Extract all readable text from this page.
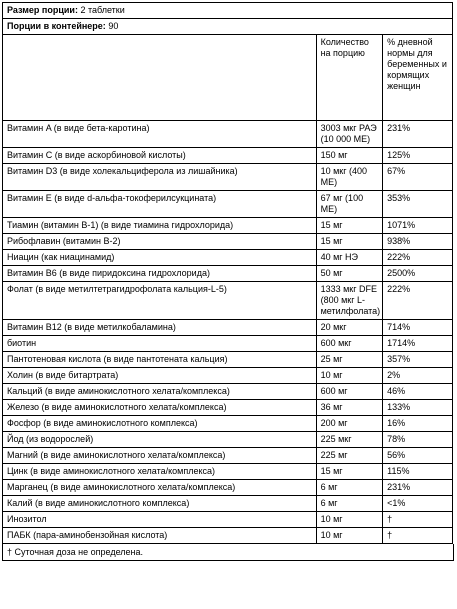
Размер порции: 2 таблетки		
Порции в контейнере: 90		
	Количество на порцию	% дневной нормы для беременных и кормящих женщин
Витамин A (в виде бета-каротина)	3003 мкг РАЭ (10 000 МЕ)	231%
Витамин C (в виде аскорбиновой кислоты)	150 мг	125%
Витамин D3 (в виде холекальциферола из лишайника)	10 мкг (400 МЕ)	67%
Витамин E (в виде d-альфа-токоферилсукцината)	67 мг (100 МЕ)	353%
Тиамин (витамин B-1) (в виде тиамина гидрохлорида)	15 мг	1071%
Рибофлавин (витамин B-2)	15 мг	938%
Ниацин (как ниацинамид)	40 мг НЭ	222%
Витамин B6 (в виде пиридоксина гидрохлорида)	50 мг	2500%
Фолат (в виде метилтетрагидрофолата кальция-L-5)	1333 мкг DFE (800 мкг L-метилфолата)	222%
Витамин B12 (в виде метилкобаламина)	20 мкг	714%
биотин	600 мкг	1714%
Пантотеновая кислота (в виде пантотената кальция)	25 мг	357%
Холин (в виде битартрата)	10 мг	2%
Кальций (в виде аминокислотного хелата/комплекса)	600 мг	46%
Железо (в виде аминокислотного хелата/комплекса)	36 мг	133%
Фосфор (в виде аминокислотного комплекса)	200 мг	16%
Йод (из водорослей)	225 мкг	78%
Магний (в виде аминокислотного хелата/комплекса)	225 мг	56%
Цинк (в виде аминокислотного хелата/комплекса)	15 мг	115%
Марганец (в виде аминокислотного хелата/комплекса)	6 мг	231%
Калий (в виде аминокислотного комплекса)	6 мг	<1%
Инозитол	10 мг	†
ПАБК (пара-аминобензойная кислота)	10 мг	†
† Суточная доза не определена.
